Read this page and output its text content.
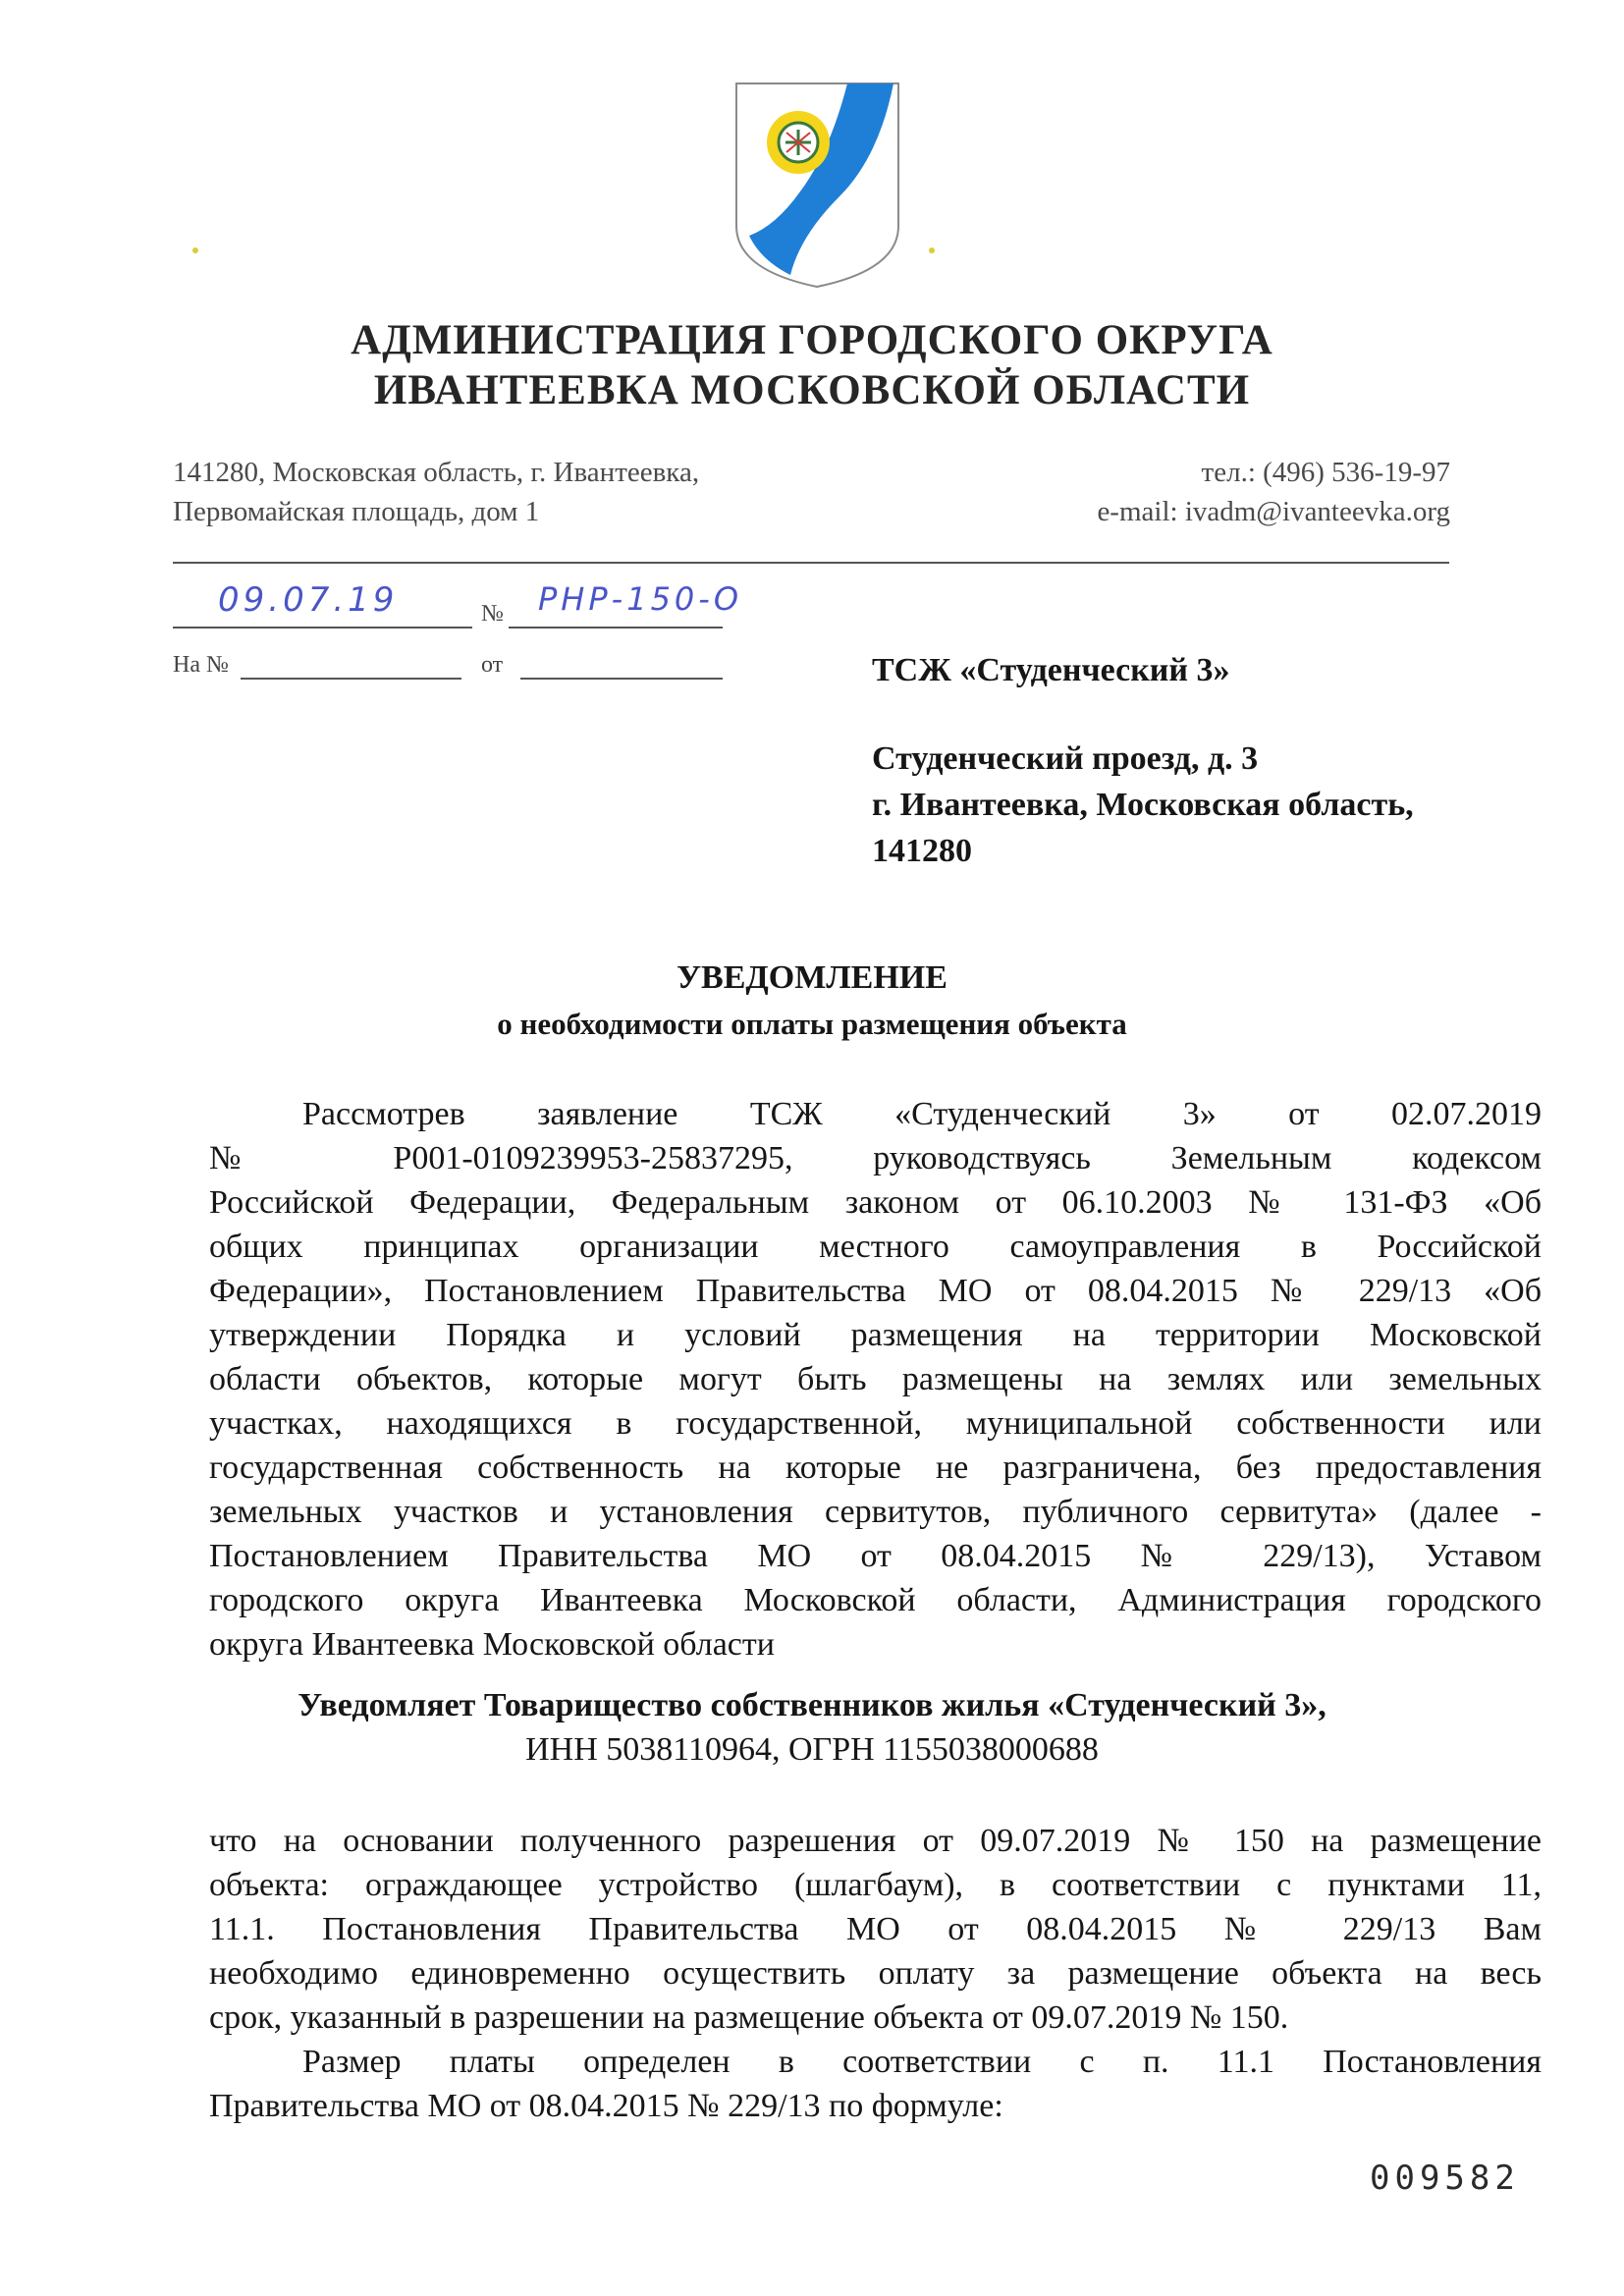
АДМИНИСТРАЦИЯ ГОРОДСКОГО ОКРУГА
ИВАНТЕЕВКА МОСКОВСКОЙ ОБЛАСТИ
141280, Московская область, г. Ивантеевка,
Первомайская площадь, дом 1
тел.: (496) 536-19-97
e-mail: ivadm@ivanteevka.org
09.07.19	№ РНР-150-О
На №	от	ТСЖ «Студенческий 3»
Студенческий проезд, д. 3
г. Ивантеевка, Московская область,
141280
УВЕДОМЛЕНИЕ
о необходимости оплаты размещения объекта
Рассмотрев заявление ТСЖ «Студенческий 3» от 02.07.2019
№ P001-0109239953-25837295, руководствуясь Земельным кодексом
Российской Федерации, Федеральным законом от 06.10.2003 № 131-ФЗ «Об
общих принципах организации местного самоуправления в Российской
Федерации», Постановлением Правительства МО от 08.04.2015 № 229/13 «Об
утверждении Порядка и условий размещения на территории Московской
области объектов, которые могут быть размещены на землях или земельных
участках, находящихся в государственной, муниципальной собственности или
государственная собственность на которые не разграничена, без предоставления
земельных участков и установления сервитутов, публичного сервитута» (далее -
Постановлением Правительства МО от 08.04.2015 № 229/13), Уставом
городского округа Ивантеевка Московской области, Администрация городского
округа Ивантеевка Московской области
Уведомляет Товарищество собственников жилья «Студенческий 3»,
ИНН 5038110964, ОГРН 1155038000688
что на основании полученного разрешения от 09.07.2019 № 150 на размещение
объекта: ограждающее устройство (шлагбаум), в соответствии с пунктами 11,
11.1. Постановления Правительства МО от 08.04.2015 № 229/13 Вам
необходимо единовременно осуществить оплату за размещение объекта на весь
срок, указанный в разрешении на размещение объекта от 09.07.2019 № 150.
Размер платы определен в соответствии с п. 11.1 Постановления
Правительства МО от 08.04.2015 № 229/13 по формуле:
009582
